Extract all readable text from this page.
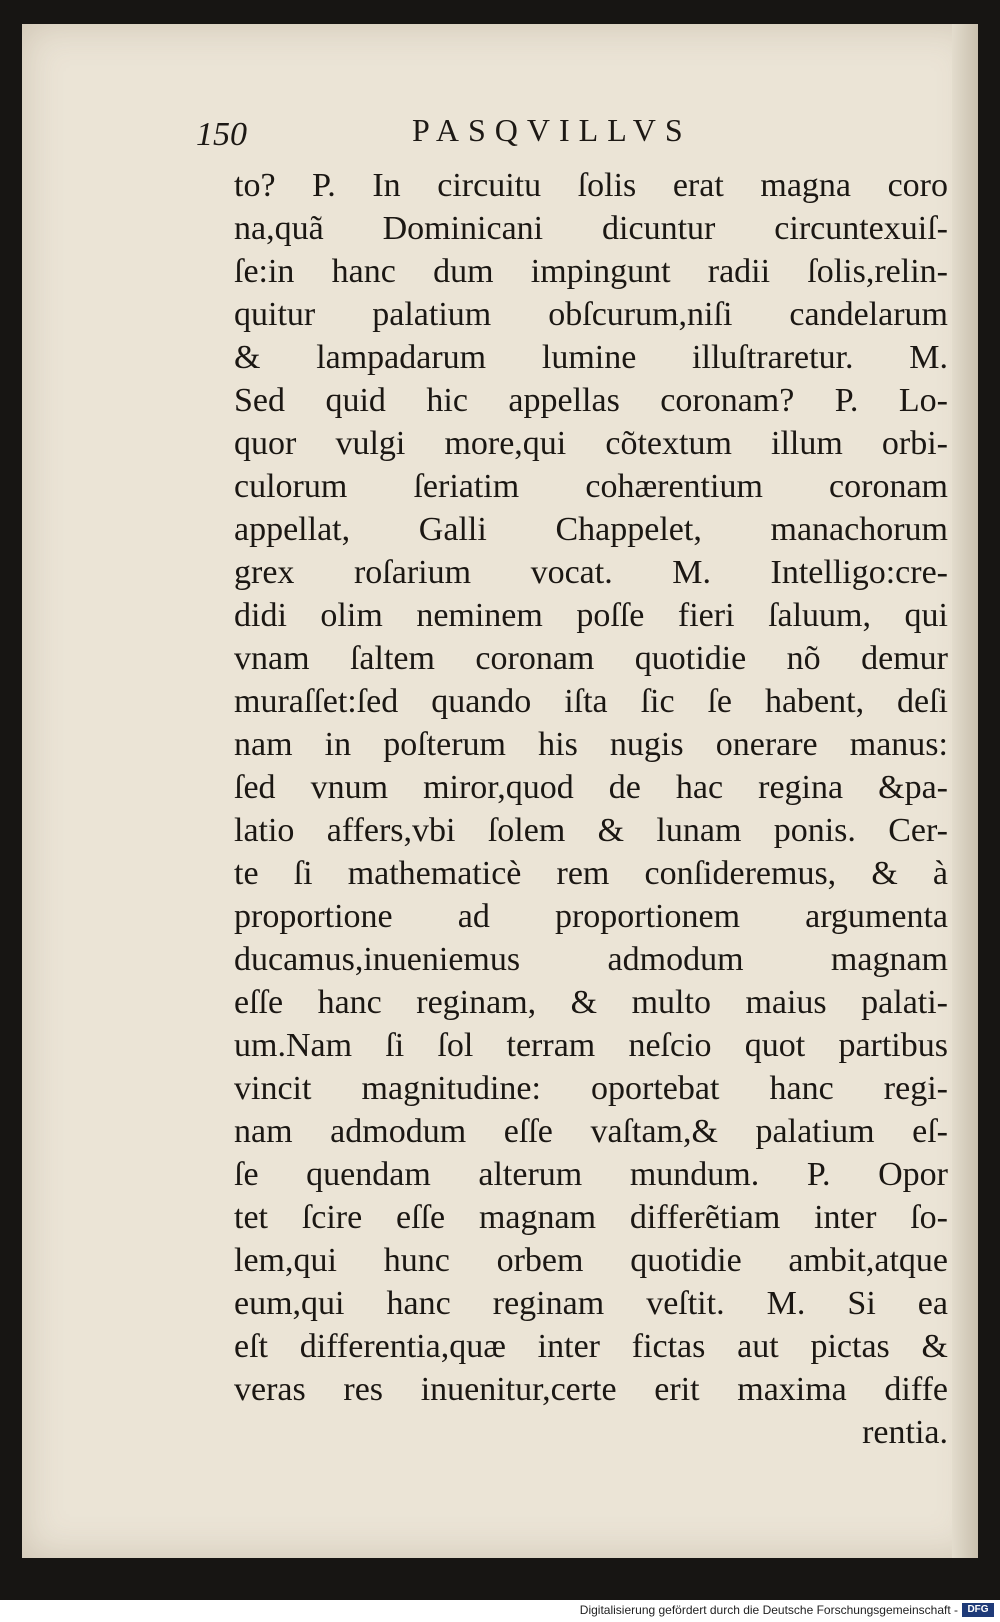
150	PASQVILLVS
to? P. In circuitu ſolis erat magna coro
na,quã Dominicani dicuntur circuntexuiſ-
ſe:in hanc dum impingunt radii ſolis,relin-
quitur palatium obſcurum,niſi candelarum
& lampadarum lumine illuſtraretur. M.
Sed quid hic appellas coronam? P. Lo-
quor vulgi more,qui cõtextum illum orbi-
culorum ſeriatim cohærentium coronam
appellat, Galli Chappelet, manachorum
grex roſarium vocat. M. Intelligo:cre-
didi olim neminem poſſe fieri ſaluum, qui
vnam ſaltem coronam quotidie nõ demur
muraſſet:ſed quando iſta ſic ſe habent, deſi
nam in poſterum his nugis onerare manus:
ſed vnum miror,quod de hac regina &pa-
latio affers,vbi ſolem & lunam ponis. Cer-
te ſi mathematicè rem conſideremus, & à
proportione ad proportionem argumenta
ducamus,inueniemus admodum magnam
eſſe hanc reginam, & multo maius palati-
um.Nam ſi ſol terram neſcio quot partibus
vincit magnitudine: oportebat hanc regi-
nam admodum eſſe vaſtam,& palatium eſ-
ſe quendam alterum mundum. P. Opor
tet ſcire eſſe magnam differẽtiam inter ſo-
lem,qui hunc orbem quotidie ambit,atque
eum,qui hanc reginam veſtit. M. Si ea
eſt differentia,quæ inter fictas aut pictas &
veras res inuenitur,certe erit maxima diffe
rentia.
Digitalisierung gefördert durch die Deutsche Forschungsgemeinschaft - DFG
